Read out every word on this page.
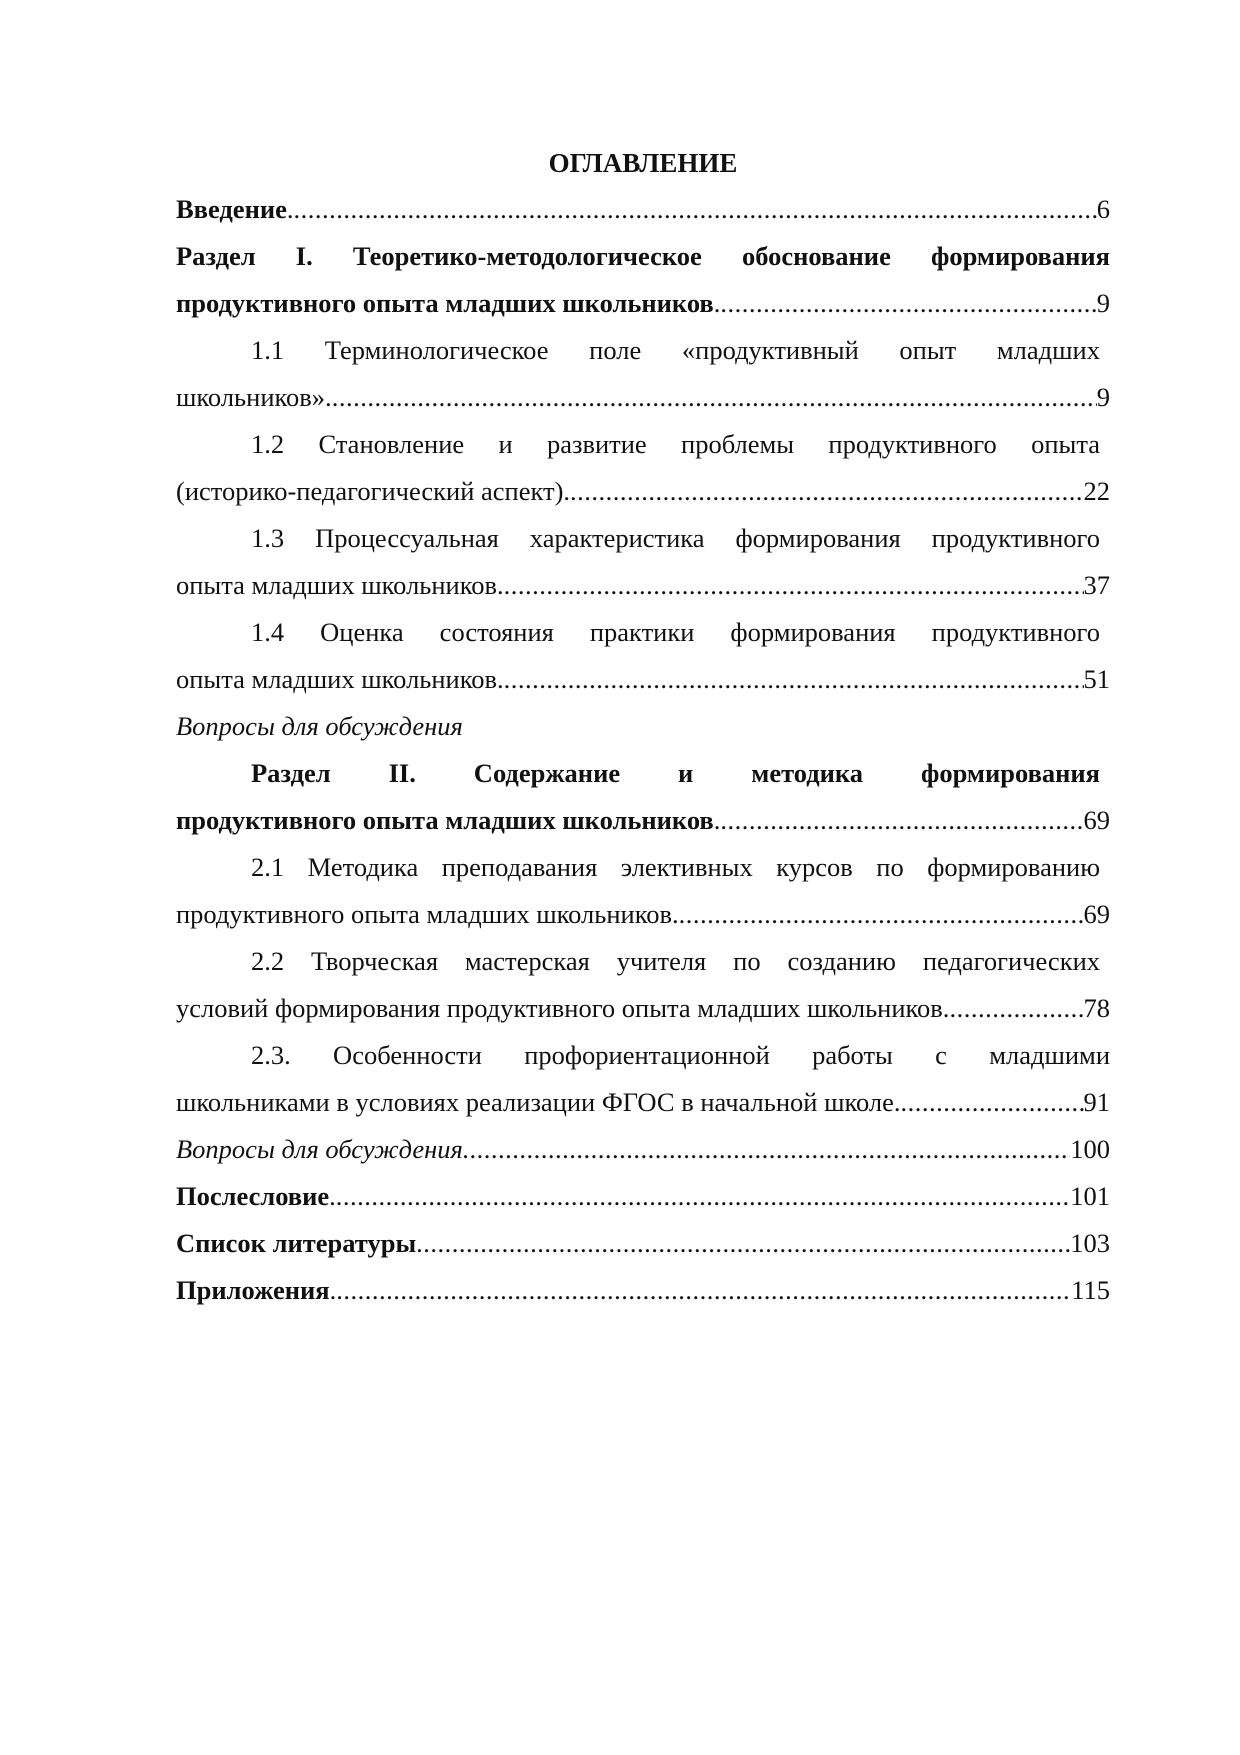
ОГЛАВЛЕНИЕ
Введение. .....	6
Раздел I. Теоретико-методологическое обоснование формирования
продуктивного опыта младших школьников. .....	9
1.1 Терминологическое поле «продуктивный опыт младших
школьников». .....	9
1.2 Становление и развитие проблемы продуктивного опыта
(историко-педагогический аспект). .....	22
1.3 Процессуальная характеристика формирования продуктивного
опыта младших школьников. .....	37
1.4 Оценка состояния практики формирования продуктивного
опыта младших школьников. .....	51
Вопросы для обсуждения
Раздел II. Содержание и методика формирования
продуктивного опыта младших школьников. .....	69
2.1 Методика преподавания элективных курсов по формированию
продуктивного опыта младших школьников. .....	69
2.2 Творческая мастерская учителя по созданию педагогических
условий формирования продуктивного опыта младших школьников. .....	78
2.3. Особенности профориентационной работы с младшими
школьниками в условиях реализации ФГОС в начальной школе. .....	91
Вопросы для обсуждения. .....	100
Послесловие. .....	101
Список литературы .....	103
Приложения. .....	115
